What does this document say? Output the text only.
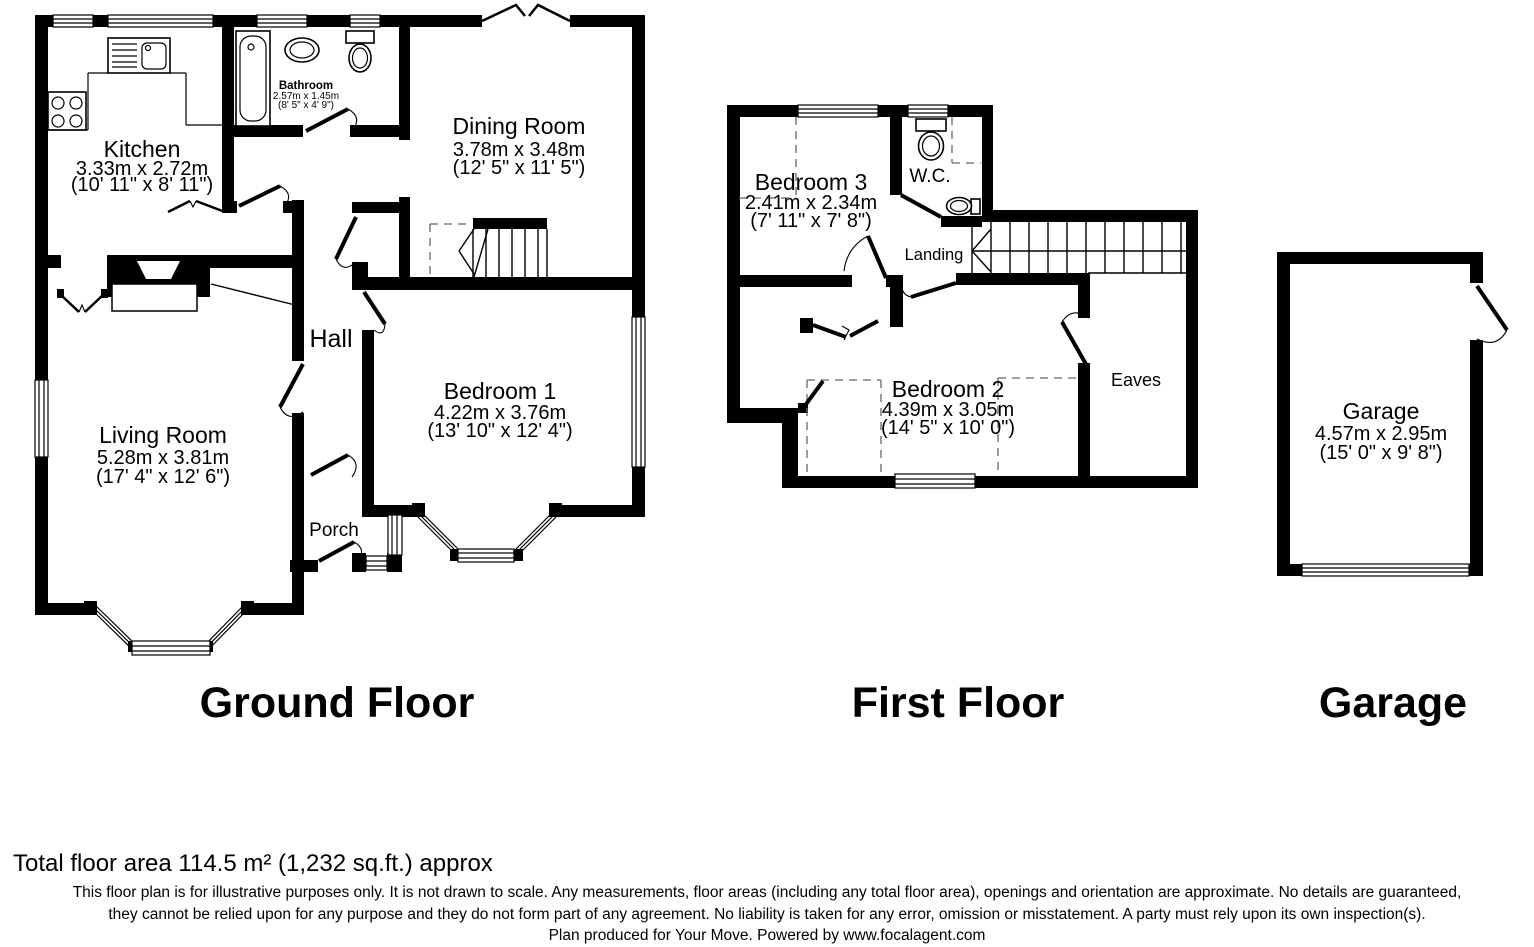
Kitchen
3.33m x 2.72m
(10' 11" x 8' 11")
Bathroom
2.57m x 1.45m
(8' 5" x 4' 9")
Dining Room
3.78m x 3.48m
(12' 5" x 11' 5")
Hall
Living Room
5.28m x 3.81m
(17' 4" x 12' 6")
Bedroom 1
4.22m x 3.76m
(13' 10" x 12' 4")
Porch
Bedroom 3
2.41m x 2.34m
(7' 11" x 7' 8")
W.C.
Landing
Bedroom 2
4.39m x 3.05m
(14' 5" x 10' 0")
Eaves
Garage
4.57m x 2.95m
(15' 0" x 9' 8")
Ground Floor	First Floor	Garage
Total floor area 114.5 m² (1,232 sq.ft.) approx
This floor plan is for illustrative purposes only. It is not drawn to scale. Any measurements, floor areas (including any total floor area), openings and orientation are approximate. No details are guaranteed,
they cannot be relied upon for any purpose and they do not form part of any agreement. No liability is taken for any error, omission or misstatement. A party must rely upon its own inspection(s).
Plan produced for Your Move. Powered by www.focalagent.com
